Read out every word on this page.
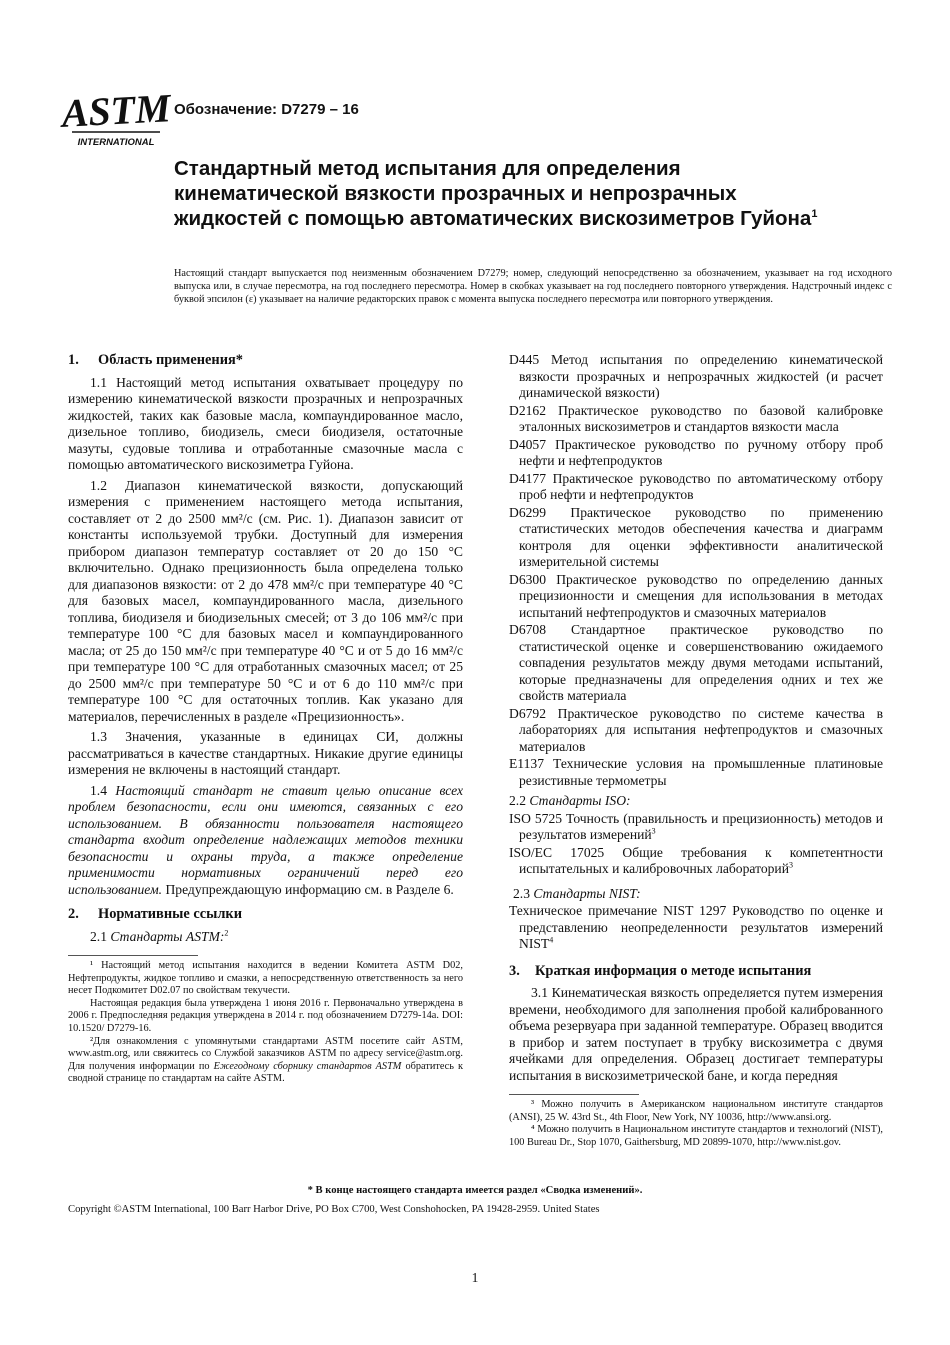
ASTM
INTERNATIONAL
Обозначение: D7279 – 16
Стандартный метод испытания для определения кинематической вязкости прозрачных и непрозрачных жидкостей с помощью автоматических вискозиметров Гуйона$^1$

Настоящий стандарт выпускается под неизменным обозначением D7279; номер, следующий непосредственно за обозначением, указывает на год исходного выпуска или, в случае пересмотра, на год последнего пересмотра. Номер в скобках указывает на год последнего повторного утверждения. Надстрочный индекс с буквой эпсилон (ε) указывает на наличие редакторских правок с момента выпуска последнего пересмотра или повторного утверждения.

1. Область применения*

1.1 Настоящий метод испытания охватывает процедуру по измерению кинематической вязкости прозрачных и непрозрачных жидкостей, таких как базовые масла, компаундированное масло, дизельное топливо, биодизель, смеси биодизеля, остаточные мазуты, судовые топлива и отработанные смазочные масла с помощью автоматического вискозиметра Гуйона.

1.2 Диапазон кинематической вязкости, допускающий измерения с применением настоящего метода испытания, составляет от 2 до 2500 мм²/с (см. Рис. 1). Диапазон зависит от константы используемой трубки. Доступный для измерения прибором диапазон температур составляет от 20 до 150 °С включительно. Однако прецизионность была определена только для диапазонов вязкости: от 2 до 478 мм²/с при температуре 40 °C для базовых масел, компаундированного масла, дизельного топлива, биодизеля и биодизельных смесей; от 3 до 106 мм²/с при температуре 100 °C для базовых масел и компаундированного масла; от 25 до 150 мм²/с при температуре 40 °C и от 5 до 16 мм²/с при температуре 100 °C для отработанных смазочных масел; от 25 до 2500 мм²/с при температуре 50 °C и от 6 до 110 мм²/с при температуре 100 °C для остаточных топлив. Как указано для материалов, перечисленных в разделе «Прецизионность».

1.3 Значения, указанные в единицах СИ, должны рассматриваться в качестве стандартных. Никакие другие единицы измерения не включены в настоящий стандарт.

1.4 Настоящий стандарт не ставит целью описание всех проблем безопасности, если они имеются, связанных с его использованием. В обязанности пользователя настоящего стандарта входит определение надлежащих методов техники безопасности и охраны труда, а также определение применимости нормативных ограничений перед его использованием. Предупреждающую информацию см. в Разделе 6.

2. Нормативные ссылки

2.1 Стандарты ASTM:$^2$

¹ Настоящий метод испытания находится в ведении Комитета ASTM D02, Нефтепродукты, жидкое топливо и смазки, а непосредственную ответственность за него несет Подкомитет D02.07 по свойствам текучести.

Настоящая редакция была утверждена 1 июня 2016 г. Первоначально утверждена в 2006 г. Предпоследняя редакция утверждена в 2014 г. под обозначением D7279-14a. DOI: 10.1520/ D7279-16.

²Для ознакомления с упомянутыми стандартами ASTM посетите сайт ASTM, www.astm.org, или свяжитесь со Службой заказчиков ASTM по адресу service@astm.org. Для получения информации по Ежегодному сборнику стандартов ASTM обратитесь к сводной странице по стандартам на сайте ASTM.

D445 Метод испытания по определению кинематической вязкости прозрачных и непрозрачных жидкостей (и расчет динамической вязкости)

D2162 Практическое руководство по базовой калибровке эталонных вискозиметров и стандартов вязкости масла

D4057 Практическое руководство по ручному отбору проб нефти и нефтепродуктов

D4177 Практическое руководство по автоматическому отбору проб нефти и нефтепродуктов

D6299 Практическое руководство по применению статистических методов обеспечения качества и диаграмм контроля для оценки эффективности аналитической измерительной системы

D6300 Практическое руководство по определению данных прецизионности и смещения для использования в методах испытаний нефтепродуктов и смазочных материалов

D6708 Стандартное практическое руководство по статистической оценке и совершенствованию ожидаемого совпадения результатов между двумя методами испытаний, которые предназначены для определения одних и тех же свойств материала

D6792 Практическое руководство по системе качества в лабораториях для испытания нефтепродуктов и смазочных материалов

E1137 Технические условия на промышленные платиновые резистивные термометры

2.2 Стандарты ISO:

ISO 5725 Точность (правильность и прецизионность) методов и результатов измерений$^3$

ISO/EC 17025 Общие требования к компетентности испытательных и калибровочных лабораторий$^3$

2.3 Стандарты NIST:

Техническое примечание NIST 1297 Руководство по оценке и представлению неопределенности результатов измерений NIST$^4$

3. Краткая информация о методе испытания

3.1 Кинематическая вязкость определяется путем измерения времени, необходимого для заполнения пробой калиброванного объема резервуара при заданной температуре. Образец вводится в прибор и затем поступает в трубку вискозиметра с двумя ячейками для определения. Образец достигает температуры испытания в вискозиметрической бане, и когда передняя

³ Можно получить в Американском национальном институте стандартов (ANSI), 25 W. 43rd St., 4th Floor, New York, NY 10036, http://www.ansi.org.

⁴ Можно получить в Национальном институте стандартов и технологий (NIST), 100 Bureau Dr., Stop 1070, Gaithersburg, MD 20899-1070, http://www.nist.gov.

* В конце настоящего стандарта имеется раздел «Сводка изменений».
Copyright ©ASTM International, 100 Barr Harbor Drive, PO Box C700, West Conshohocken, PA 19428-2959. United States
1
